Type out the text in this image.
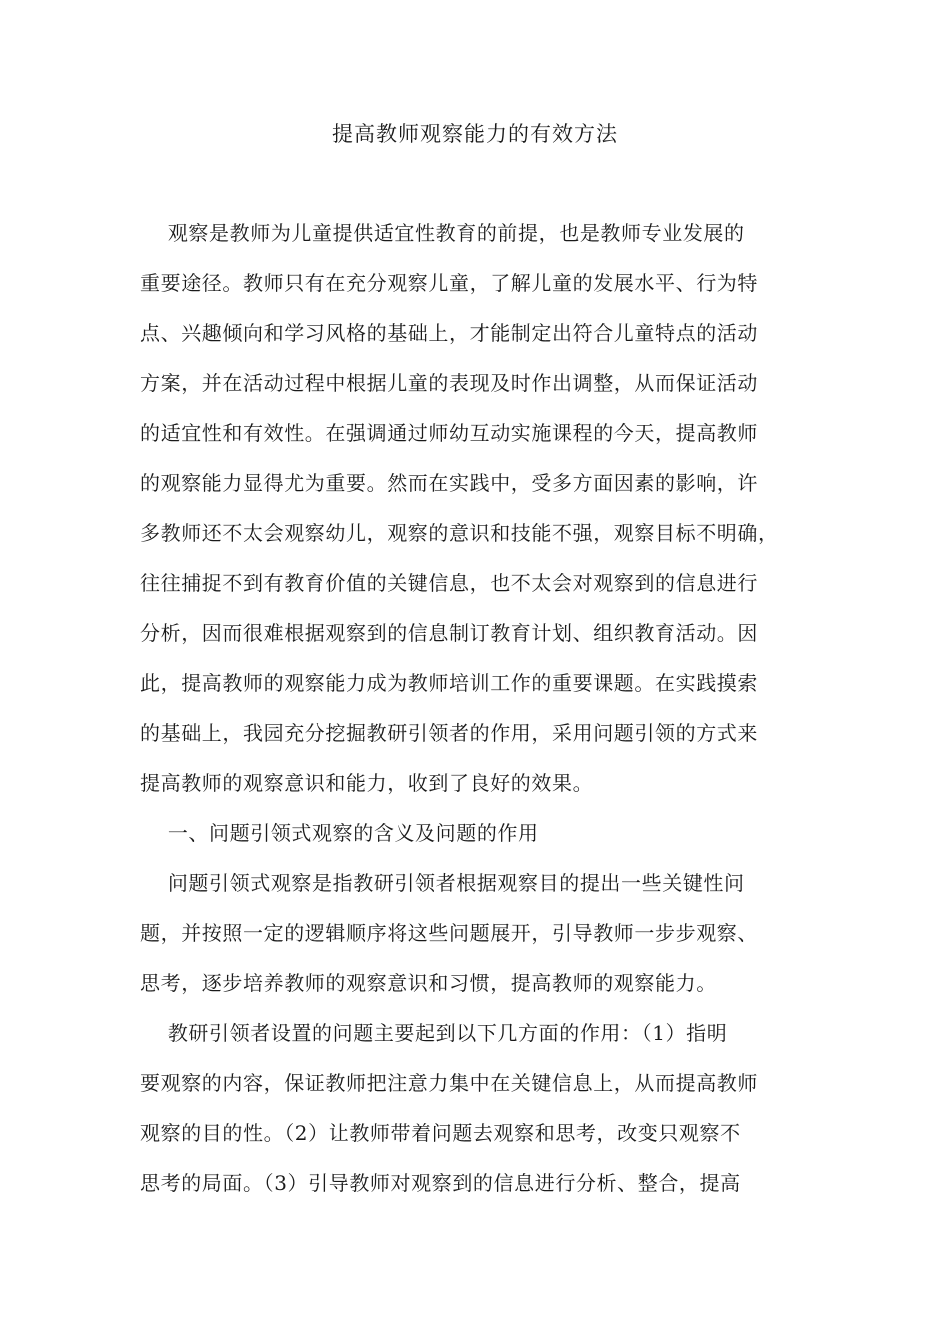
提高教师观察能力的有效方法
观察是教师为儿童提供适宜性教育的前提，也是教师专业发展的
重要途径。教师只有在充分观察儿童，了解儿童的发展水平、行为特
点、兴趣倾向和学习风格的基础上，才能制定出符合儿童特点的活动
方案，并在活动过程中根据儿童的表现及时作出调整，从而保证活动
的适宜性和有效性。在强调通过师幼互动实施课程的今天，提高教师
的观察能力显得尤为重要。然而在实践中，受多方面因素的影响，许
多教师还不太会观察幼儿，观察的意识和技能不强，观察目标不明确，
往往捕捉不到有教育价值的关键信息，也不太会对观察到的信息进行
分析，因而很难根据观察到的信息制订教育计划、组织教育活动。因
此，提高教师的观察能力成为教师培训工作的重要课题。在实践摸索
的基础上，我园充分挖掘教研引领者的作用，采用问题引领的方式来
提高教师的观察意识和能力，收到了良好的效果。
一、问题引领式观察的含义及问题的作用
问题引领式观察是指教研引领者根据观察目的提出一些关键性问
题，并按照一定的逻辑顺序将这些问题展开，引导教师一步步观察、
思考，逐步培养教师的观察意识和习惯，提高教师的观察能力。
教研引领者设置的问题主要起到以下几方面的作用：（1）指明
要观察的内容，保证教师把注意力集中在关键信息上，从而提高教师
观察的目的性。（2）让教师带着问题去观察和思考，改变只观察不
思考的局面。（3）引导教师对观察到的信息进行分析、整合，提高
